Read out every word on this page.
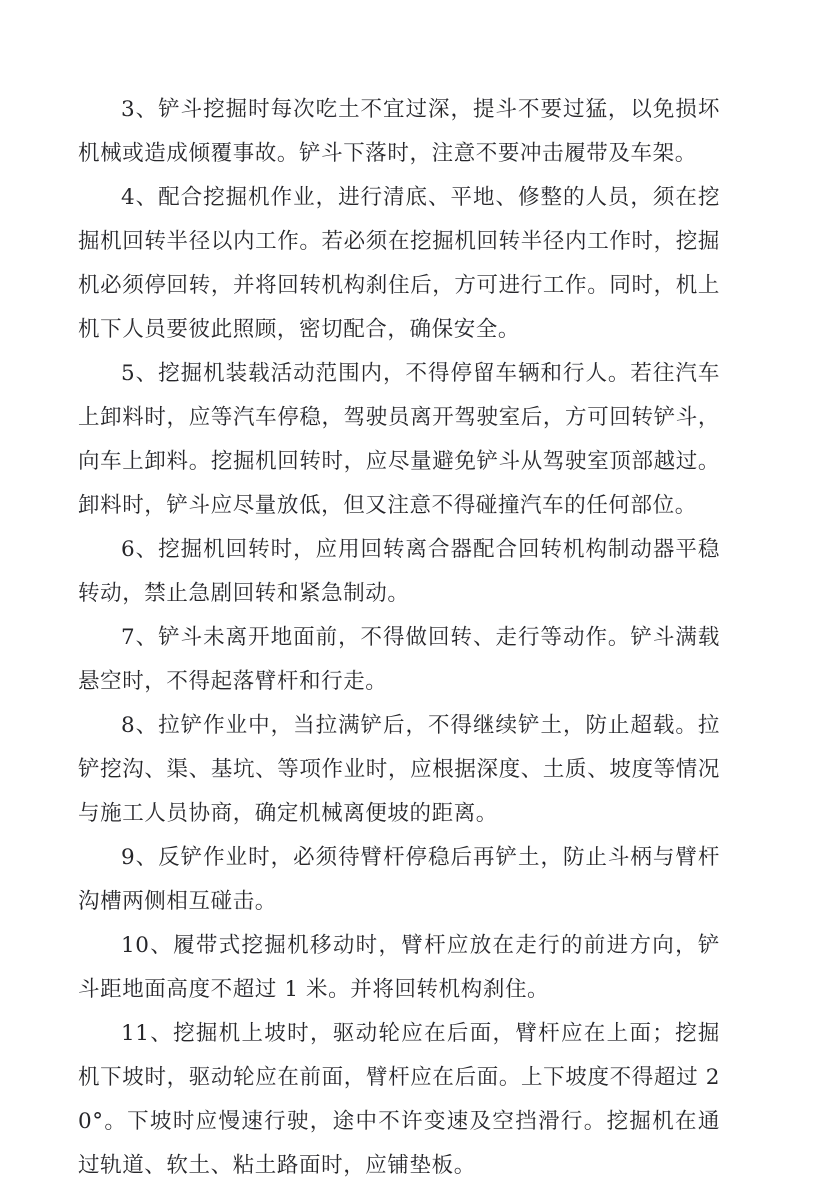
3、铲斗挖掘时每次吃土不宜过深，提斗不要过猛，以免损坏机械或造成倾覆事故。铲斗下落时，注意不要冲击履带及车架。

4、配合挖掘机作业，进行清底、平地、修整的人员，须在挖掘机回转半径以内工作。若必须在挖掘机回转半径内工作时，挖掘机必须停回转，并将回转机构刹住后，方可进行工作。同时，机上机下人员要彼此照顾，密切配合，确保安全。

5、挖掘机装载活动范围内，不得停留车辆和行人。若往汽车上卸料时，应等汽车停稳，驾驶员离开驾驶室后，方可回转铲斗，向车上卸料。挖掘机回转时，应尽量避免铲斗从驾驶室顶部越过。卸料时，铲斗应尽量放低，但又注意不得碰撞汽车的任何部位。

6、挖掘机回转时，应用回转离合器配合回转机构制动器平稳转动，禁止急剧回转和紧急制动。

7、铲斗未离开地面前，不得做回转、走行等动作。铲斗满载悬空时，不得起落臂杆和行走。

8、拉铲作业中，当拉满铲后，不得继续铲土，防止超载。拉铲挖沟、渠、基坑、等项作业时，应根据深度、土质、坡度等情况与施工人员协商，确定机械离便坡的距离。

9、反铲作业时，必须待臂杆停稳后再铲土，防止斗柄与臂杆沟槽两侧相互碰击。

10、履带式挖掘机移动时，臂杆应放在走行的前进方向，铲斗距地面高度不超过 1 米。并将回转机构刹住。

11、挖掘机上坡时，驱动轮应在后面，臂杆应在上面；挖掘机下坡时，驱动轮应在前面，臂杆应在后面。上下坡度不得超过 20°。下坡时应慢速行驶，途中不许变速及空挡滑行。挖掘机在通过轨道、软土、粘土路面时，应铺垫板。
